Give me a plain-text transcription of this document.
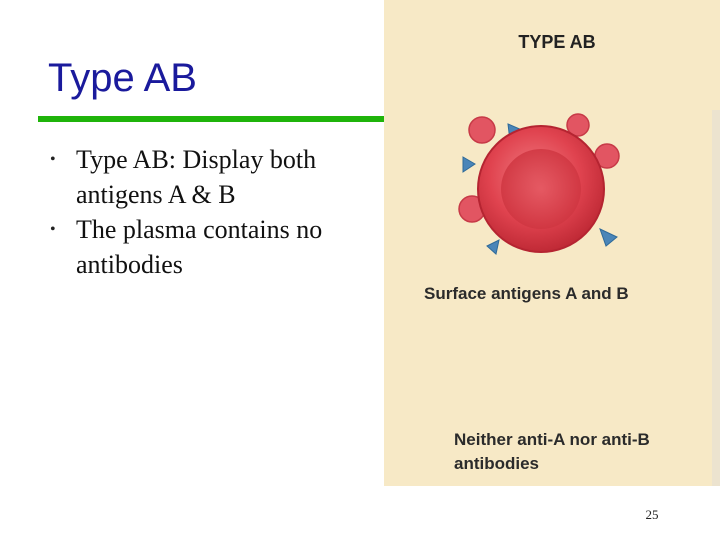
Type AB
• Type AB: Display both antigens A & B
• The plasma contains no antibodies
TYPE AB
Surface antigens A and B
Neither anti-A nor anti-B antibodies
25
